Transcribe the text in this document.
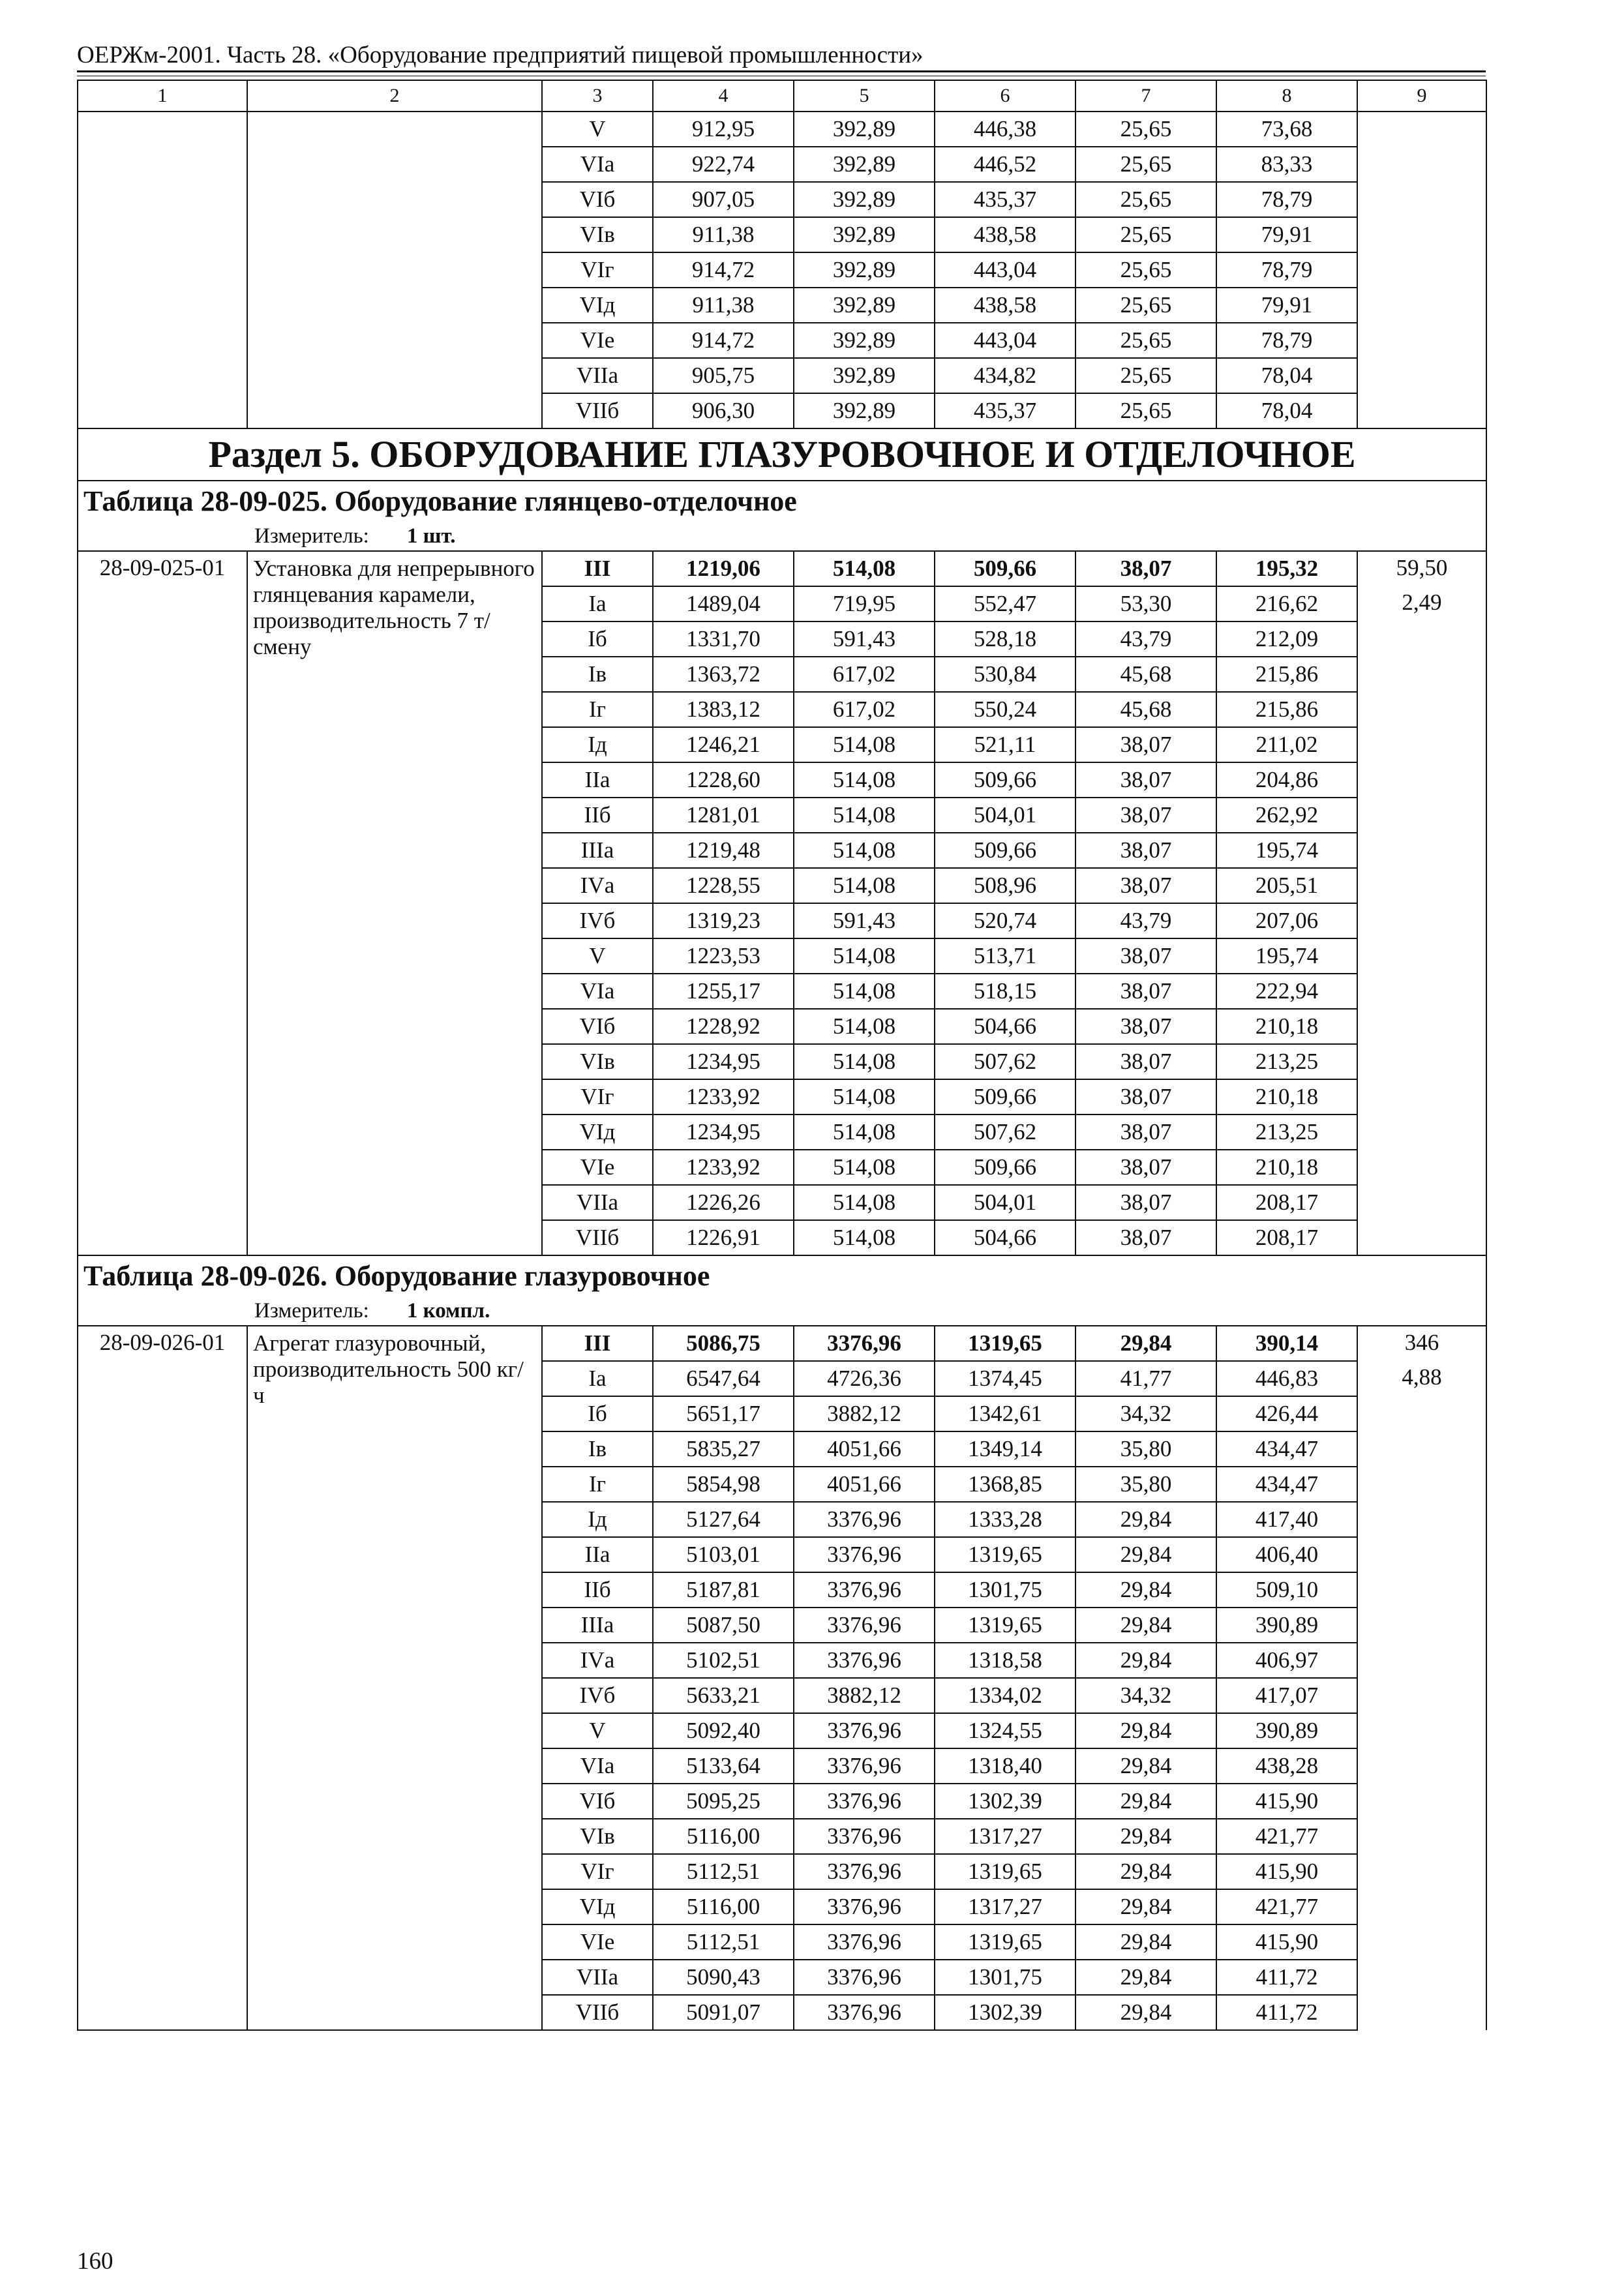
ОЕРЖм-2001. Часть 28. «Оборудование предприятий пищевой промышленности»
1	2	3	4	5	6	7	8	9
		V	912,95	392,89	446,38	25,65	73,68	
		VIа	922,74	392,89	446,52	25,65	83,33	
		VIб	907,05	392,89	435,37	25,65	78,79	
		VIв	911,38	392,89	438,58	25,65	79,91	
		VIг	914,72	392,89	443,04	25,65	78,79	
		VIд	911,38	392,89	438,58	25,65	79,91	
		VIе	914,72	392,89	443,04	25,65	78,79	
		VIIа	905,75	392,89	434,82	25,65	78,04	
		VIIб	906,30	392,89	435,37	25,65	78,04	
Раздел 5. ОБОРУДОВАНИЕ ГЛАЗУРОВОЧНОЕ И ОТДЕЛОЧНОЕ								
Таблица 28-09-025. Оборудование глянцево-отделочное								
Измеритель: 1 шт.								
28-09-025-01	Установка для непрерывного глянцевания карамели, производительность 7 т/смену	III	1219,06	514,08	509,66	38,07	195,32	59,50
		Iа	1489,04	719,95	552,47	53,30	216,62	2,49
		Iб	1331,70	591,43	528,18	43,79	212,09	
		Iв	1363,72	617,02	530,84	45,68	215,86	
		Iг	1383,12	617,02	550,24	45,68	215,86	
		Iд	1246,21	514,08	521,11	38,07	211,02	
		IIа	1228,60	514,08	509,66	38,07	204,86	
		IIб	1281,01	514,08	504,01	38,07	262,92	
		IIIа	1219,48	514,08	509,66	38,07	195,74	
		IVа	1228,55	514,08	508,96	38,07	205,51	
		IVб	1319,23	591,43	520,74	43,79	207,06	
		V	1223,53	514,08	513,71	38,07	195,74	
		VIа	1255,17	514,08	518,15	38,07	222,94	
		VIб	1228,92	514,08	504,66	38,07	210,18	
		VIв	1234,95	514,08	507,62	38,07	213,25	
		VIг	1233,92	514,08	509,66	38,07	210,18	
		VIд	1234,95	514,08	507,62	38,07	213,25	
		VIе	1233,92	514,08	509,66	38,07	210,18	
		VIIа	1226,26	514,08	504,01	38,07	208,17	
		VIIб	1226,91	514,08	504,66	38,07	208,17	
Таблица 28-09-026. Оборудование глазуровочное								
Измеритель: 1 компл.								
28-09-026-01	Агрегат глазуровочный, производительность 500 кг/ч	III	5086,75	3376,96	1319,65	29,84	390,14	346
		Iа	6547,64	4726,36	1374,45	41,77	446,83	4,88
		Iб	5651,17	3882,12	1342,61	34,32	426,44	
		Iв	5835,27	4051,66	1349,14	35,80	434,47	
		Iг	5854,98	4051,66	1368,85	35,80	434,47	
		Iд	5127,64	3376,96	1333,28	29,84	417,40	
		IIа	5103,01	3376,96	1319,65	29,84	406,40	
		IIб	5187,81	3376,96	1301,75	29,84	509,10	
		IIIа	5087,50	3376,96	1319,65	29,84	390,89	
		IVа	5102,51	3376,96	1318,58	29,84	406,97	
		IVб	5633,21	3882,12	1334,02	34,32	417,07	
		V	5092,40	3376,96	1324,55	29,84	390,89	
		VIа	5133,64	3376,96	1318,40	29,84	438,28	
		VIб	5095,25	3376,96	1302,39	29,84	415,90	
		VIв	5116,00	3376,96	1317,27	29,84	421,77	
		VIг	5112,51	3376,96	1319,65	29,84	415,90	
		VIд	5116,00	3376,96	1317,27	29,84	421,77	
		VIе	5112,51	3376,96	1319,65	29,84	415,90	
		VIIа	5090,43	3376,96	1301,75	29,84	411,72	
		VIIб	5091,07	3376,96	1302,39	29,84	411,72	
160
